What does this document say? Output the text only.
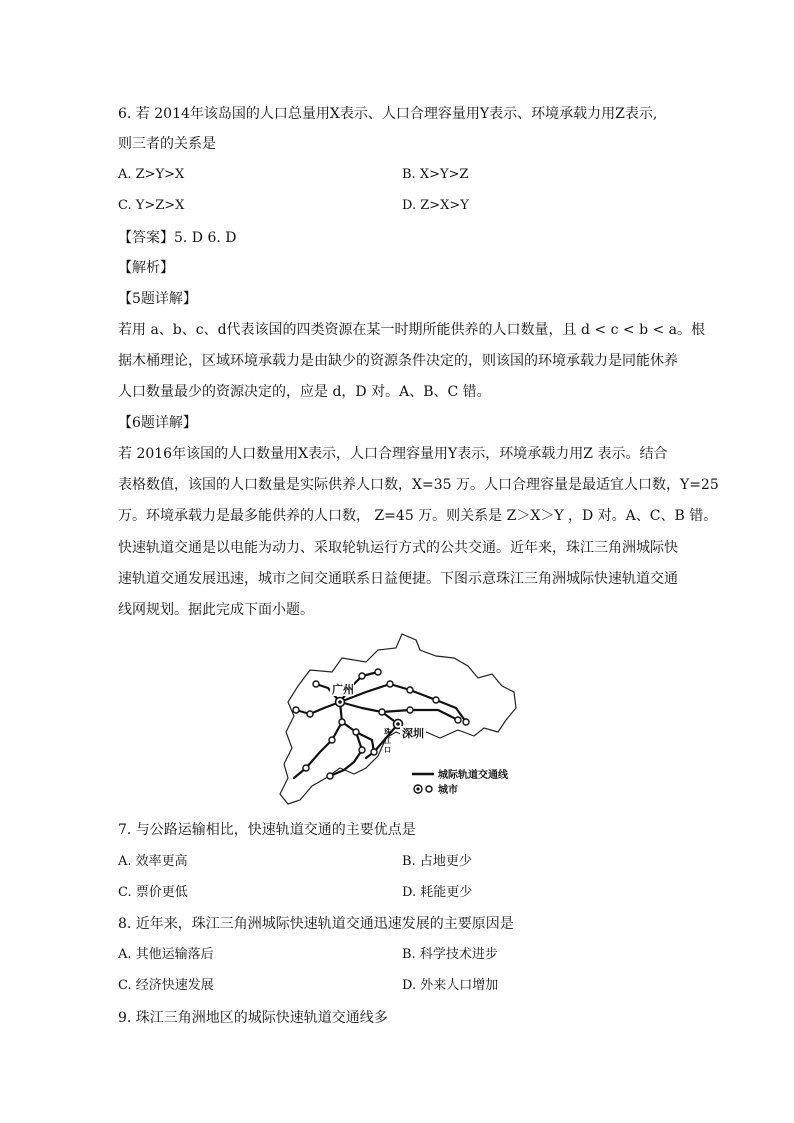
6. 若 2014年该岛国的人口总量用X表示、人口合理容量用Y表示、环境承载力用Z表示,
则三者的关系是
A. Z>Y>X	B. X>Y>Z
C. Y>Z>X	D. Z>X>Y
【答案】5. D 6. D
【解析】
【5题详解】
若用 a、b、c、d代表该国的四类资源在某一时期所能供养的人口数量，且 d < c < b < a。根
据木桶理论，区域环境承载力是由缺少的资源条件决定的，则该国的环境承载力是同能休养
人口数量最少的资源决定的，应是 d，D 对。A、B、C 错。
【6题详解】
若 2016年该国的人口数量用X表示，人口合理容量用Y表示，环境承载力用Z 表示。结合
表格数值，该国的人口数量是实际供养人口数，X=35 万。人口合理容量是最适宜人口数，Y=25
万。环境承载力是最多能供养的人口数， Z=45 万。则关系是 Z＞X＞Y ，D 对。A、C、B 错。
快速轨道交通是以电能为动力、采取轮轨运行方式的公共交通。近年来，珠江三角洲城际快
速轨道交通发展迅速，城市之间交通联系日益便捷。下图示意珠江三角洲城际快速轨道交通
线网规划。据此完成下面小题。
广州
深圳
珠
江
口
城际轨道交通线
城市
7. 与公路运输相比，快速轨道交通的主要优点是
A. 效率更高	B. 占地更少
C. 票价更低	D. 耗能更少
8. 近年来，珠江三角洲城际快速轨道交通迅速发展的主要原因是
A. 其他运输落后	B. 科学技术进步
C. 经济快速发展	D. 外来人口增加
9. 珠江三角洲地区的城际快速轨道交通线多
